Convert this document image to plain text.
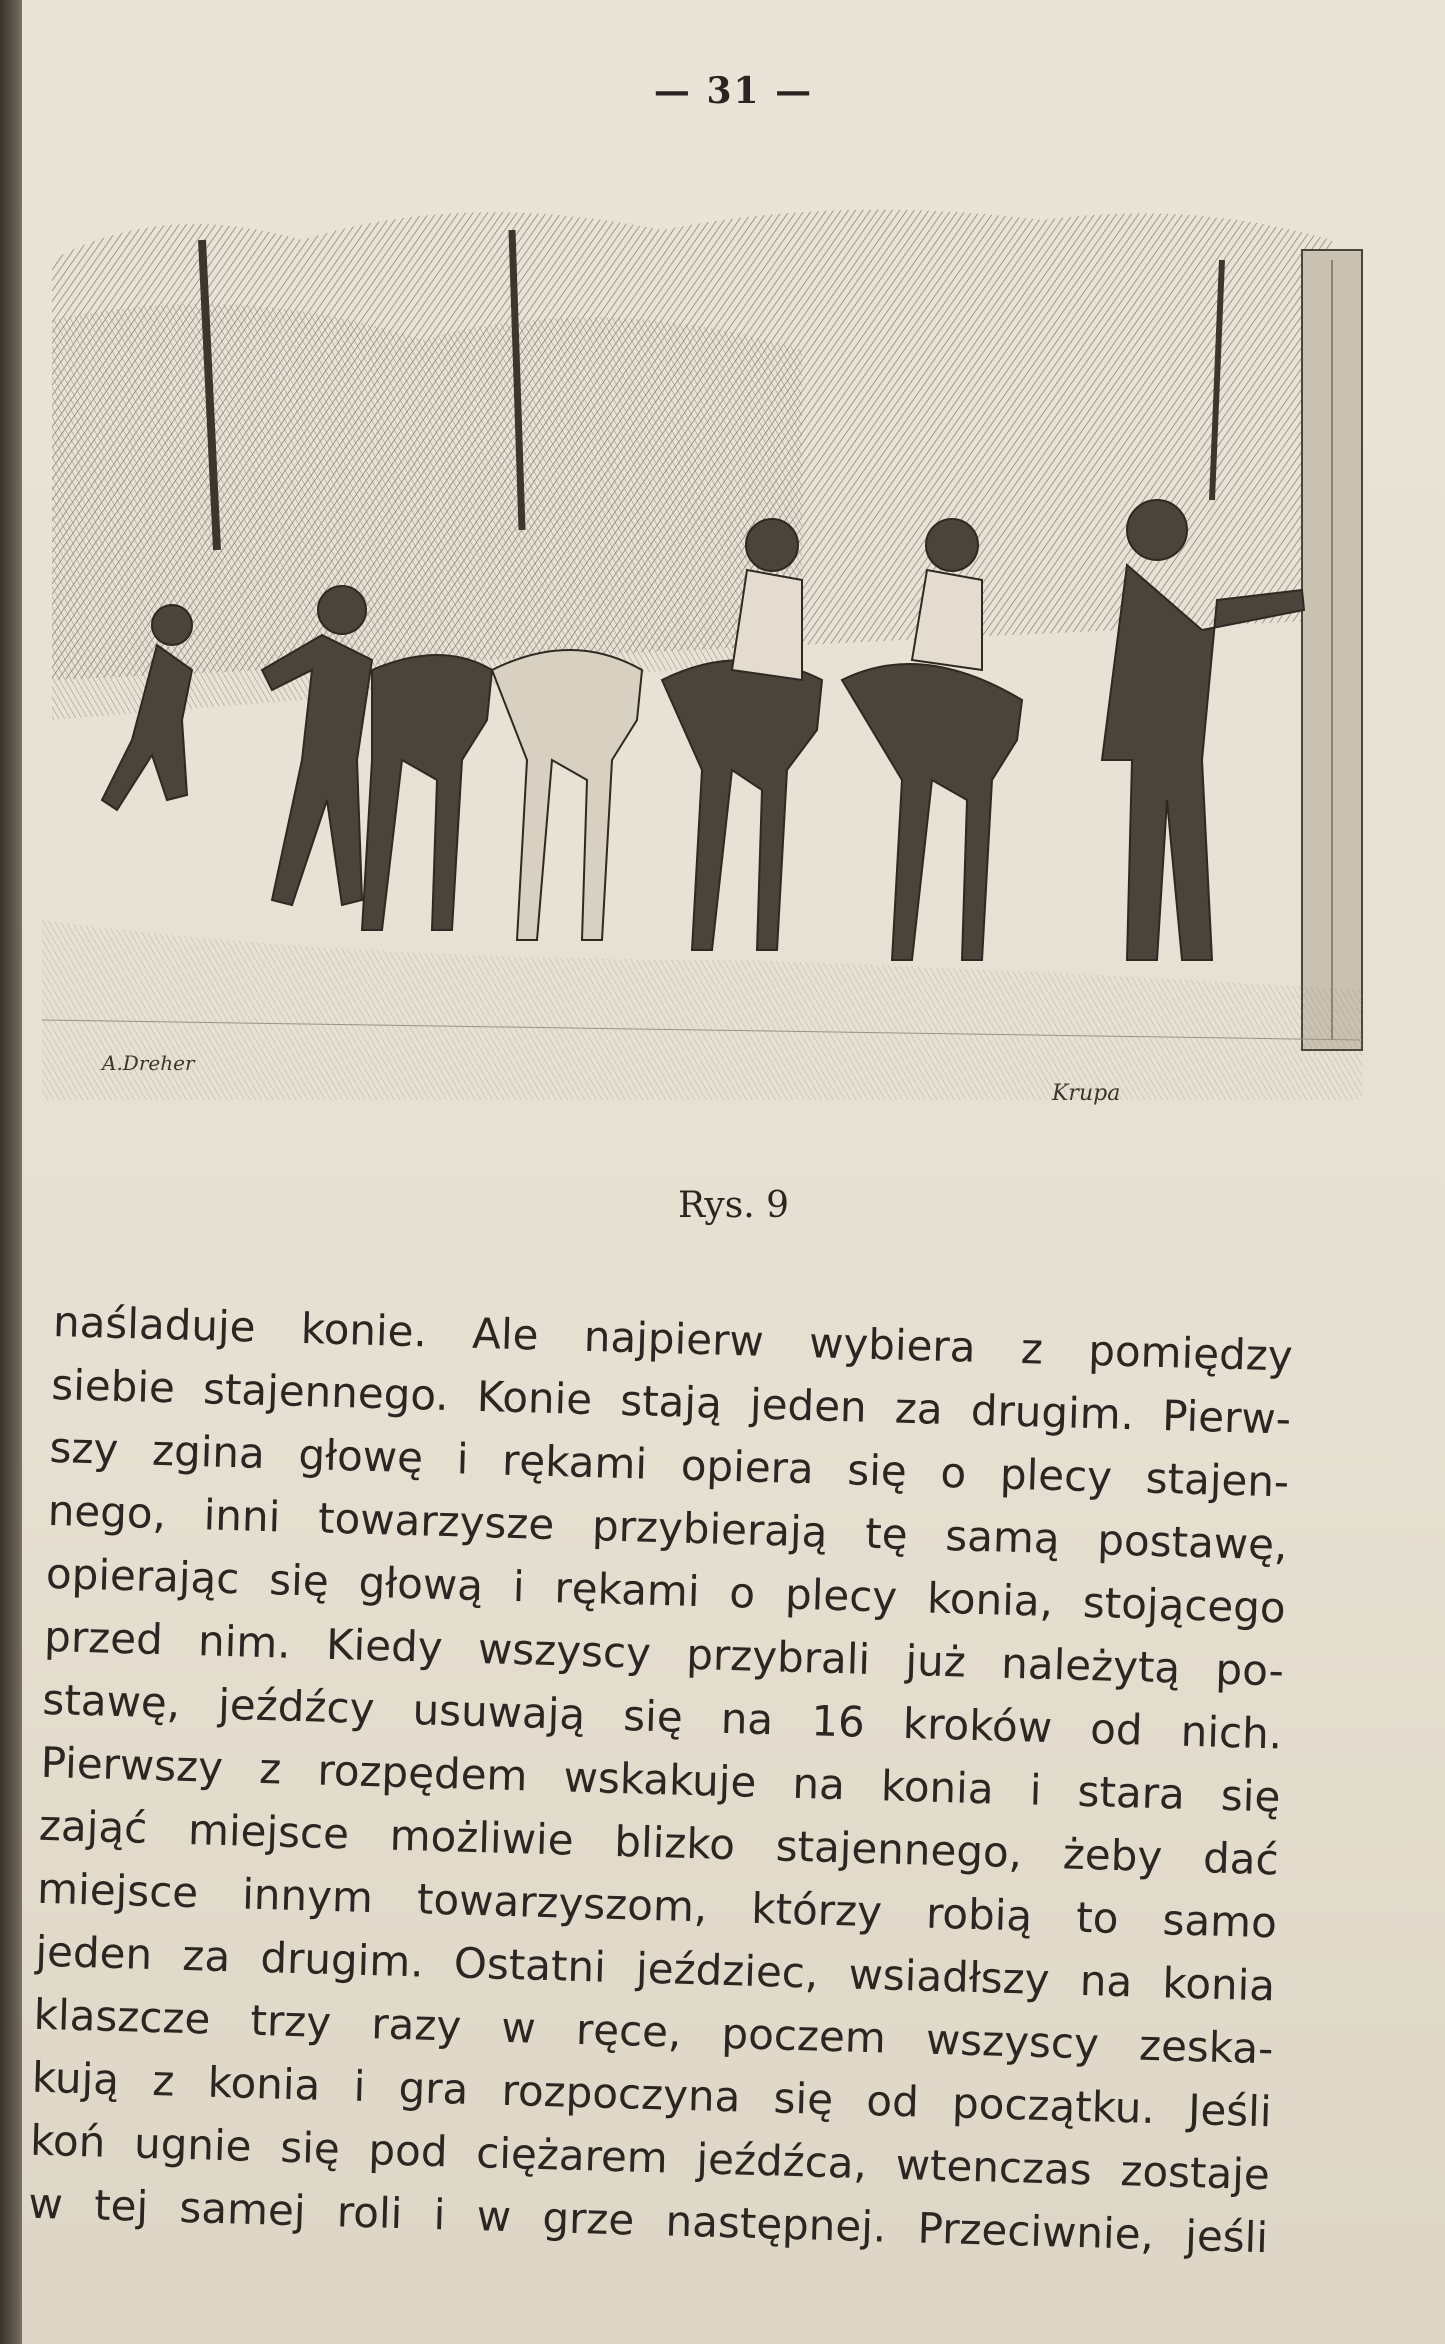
— 31 —
A.Dreher
Krupa
Rys. 9
naśladuje konie. Ale najpierw wybiera z pomiędzy
siebie stajennego. Konie stają jeden za drugim. Pierw-
szy zgina głowę i rękami opiera się o plecy stajen-
nego, inni towarzysze przybierają tę samą postawę,
opierając się głową i rękami o plecy konia, stojącego
przed nim. Kiedy wszyscy przybrali już należytą po-
stawę, jeźdźcy usuwają się na 16 kroków od nich.
Pierwszy z rozpędem wskakuje na konia i stara się
zająć miejsce możliwie blizko stajennego, żeby dać
miejsce innym towarzyszom, którzy robią to samo
jeden za drugim. Ostatni jeździec, wsiadłszy na konia
klaszcze trzy razy w ręce, poczem wszyscy zeska-
kują z konia i gra rozpoczyna się od początku. Jeśli
koń ugnie się pod ciężarem jeźdźca, wtenczas zostaje
w tej samej roli i w grze następnej. Przeciwnie, jeśli
